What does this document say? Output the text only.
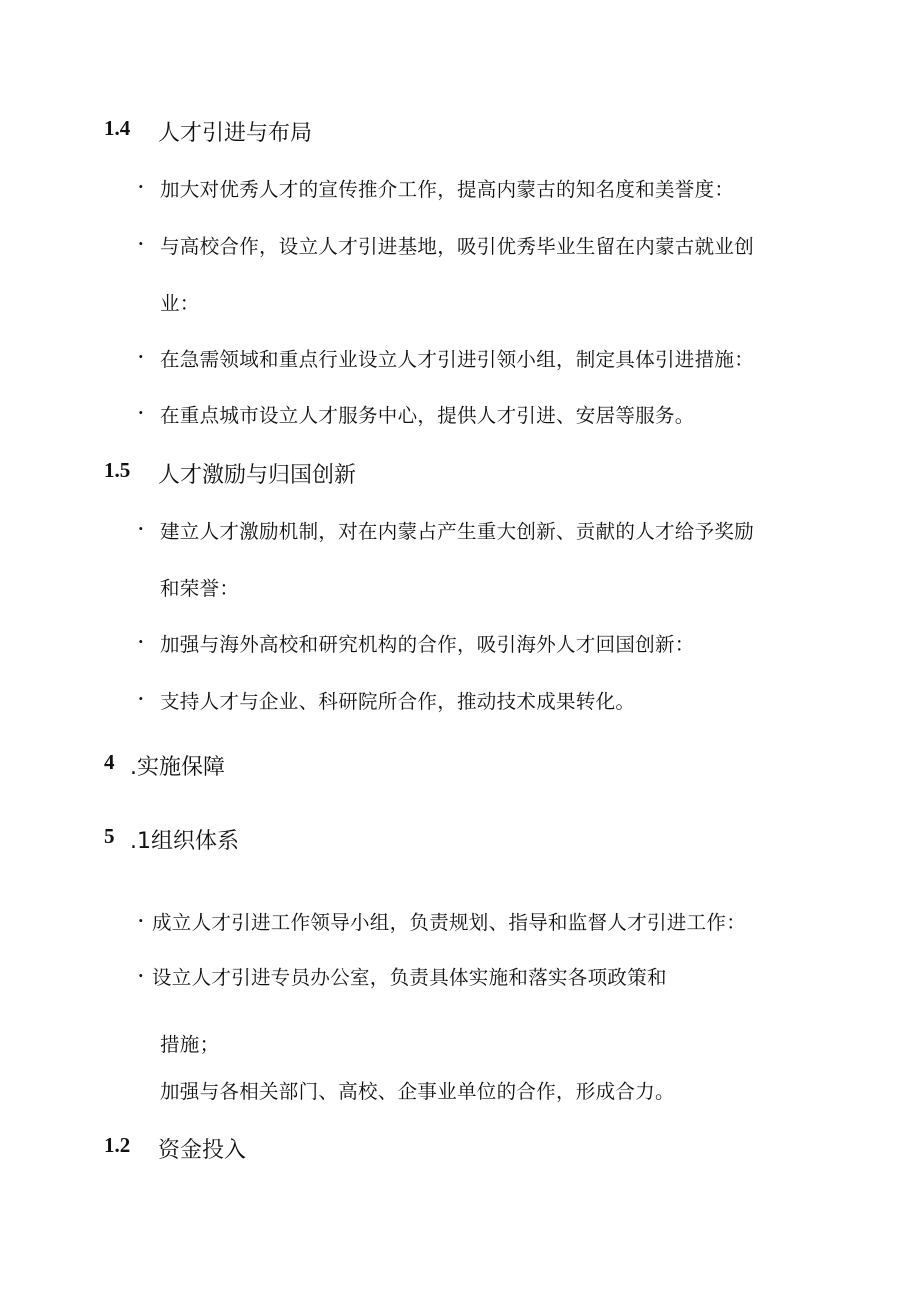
1.4 人才引进与布局
· 加大对优秀人才的宣传推介工作，提高内蒙古的知名度和美誉度：
· 与高校合作，设立人才引进基地，吸引优秀毕业生留在内蒙古就业创
业：
· 在急需领域和重点行业设立人才引进引领小组，制定具体引进措施：
· 在重点城市设立人才服务中心，提供人才引进、安居等服务。
1.5 人才激励与归国创新
· 建立人才激励机制，对在内蒙占产生重大创新、贡献的人才给予奖励
和荣誉：
· 加强与海外高校和研究机构的合作，吸引海外人才回国创新：
· 支持人才与企业、科研院所合作，推动技术成果转化。
4 .实施保障
5 .1组织体系
· 成立人才引进工作领导小组，负责规划、指导和监督人才引进工作：
· 设立人才引进专员办公室，负责具体实施和落实各项政策和
措施；
加强与各相关部门、高校、企事业单位的合作，形成合力。
1.2 资金投入
